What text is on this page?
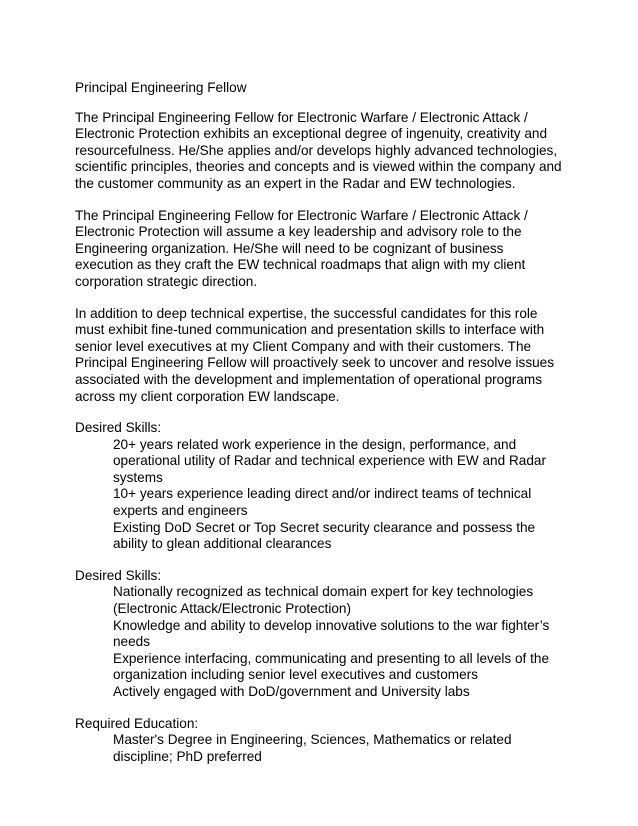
Principal Engineering Fellow

The Principal Engineering Fellow for Electronic Warfare / Electronic Attack / Electronic Protection exhibits an exceptional degree of ingenuity, creativity and resourcefulness. He/She applies and/or develops highly advanced technologies, scientific principles, theories and concepts and is viewed within the company and the customer community as an expert in the Radar and EW technologies.

The Principal Engineering Fellow for Electronic Warfare / Electronic Attack / Electronic Protection will assume a key leadership and advisory role to the Engineering organization. He/She will need to be cognizant of business execution as they craft the EW technical roadmaps that align with my client corporation strategic direction.

In addition to deep technical expertise, the successful candidates for this role must exhibit fine-tuned communication and presentation skills to interface with senior level executives at my Client Company and with their customers. The Principal Engineering Fellow will proactively seek to uncover and resolve issues associated with the development and implementation of operational programs across my client corporation EW landscape.

Desired Skills:

20+ years related work experience in the design, performance, and operational utility of Radar and technical experience with EW and Radar systems
10+ years experience leading direct and/or indirect teams of technical experts and engineers
Existing DoD Secret or Top Secret security clearance and possess the ability to glean additional clearances

Desired Skills:

Nationally recognized as technical domain expert for key technologies (Electronic Attack/Electronic Protection)
Knowledge and ability to develop innovative solutions to the war fighter’s needs
Experience interfacing, communicating and presenting to all levels of the organization including senior level executives and customers
Actively engaged with DoD/government and University labs

Required Education:

Master's Degree in Engineering, Sciences, Mathematics or related discipline; PhD preferred
